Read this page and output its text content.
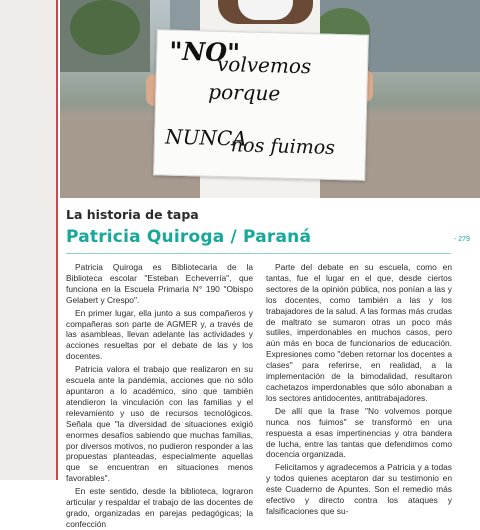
"NO"

volvemos

porque

NUNCA

nos fuimos

La historia de tapa
Patricia Quiroga / Paraná	- 279

Patricia Quiroga es Bibliotecaria de la Biblioteca escolar "Esteban Echeverría", que funciona en la Escuela Primaria N° 190 "Obispo Gelabert y Crespo".

En primer lugar, ella junto a sus compañeros y compañeras son parte de AGMER y, a través de las asambleas, llevan adelante las actividades y acciones resueltas por el debate de las y los docentes.

Patricia valora el trabajo que realizaron en su escuela ante la pandemia, acciones que no sólo apuntaron a lo académico, sino que también atendieron la vinculación con las familias y el relevamiento y uso de recursos tecnológicos. Señala que "la diversidad de situaciones exigió enormes desafíos sabiendo que muchas familias, por diversos motivos, no pudieron responder a las propuestas planteadas, especialmente aquellas que se encuentran en situaciones menos favorables".

En este sentido, desde la biblioteca, lograron articular y respaldar el trabajo de las docentes de grado, organizadas en parejas pedagógicas; la confección

Parte del debate en su escuela, como en tantas, fue el lugar en el que, desde ciertos sectores de la opinión pública, nos ponían a las y los docentes, como también a las y los trabajadores de la salud. A las formas más crudas de maltrato se sumaron otras un poco más sutiles, imperdonables en muchos casos, pero aún más en boca de funcionarios de educación. Expresiones como "deben retornar los docentes a clases" para referirse, en realidad, a la implementación de la bimodalidad, resultaron cachetazos imperdonables que sólo abonaban a los sectores antidocentes, antitrabajadores.

De allí que la frase "No volvemos porque nunca nos fuimos" se transformó en una respuesta a esas impertinencias y otra bandera de lucha, entre las tantas que defendimos como docencia organizada.

Felicitamos y agradecemos a Patricia y a todas y todos quienes aceptaron dar su testimonio en este Cuaderno de Apuntes. Son el remedio más efectivo y directo contra los ataques y falsificaciones que su-
